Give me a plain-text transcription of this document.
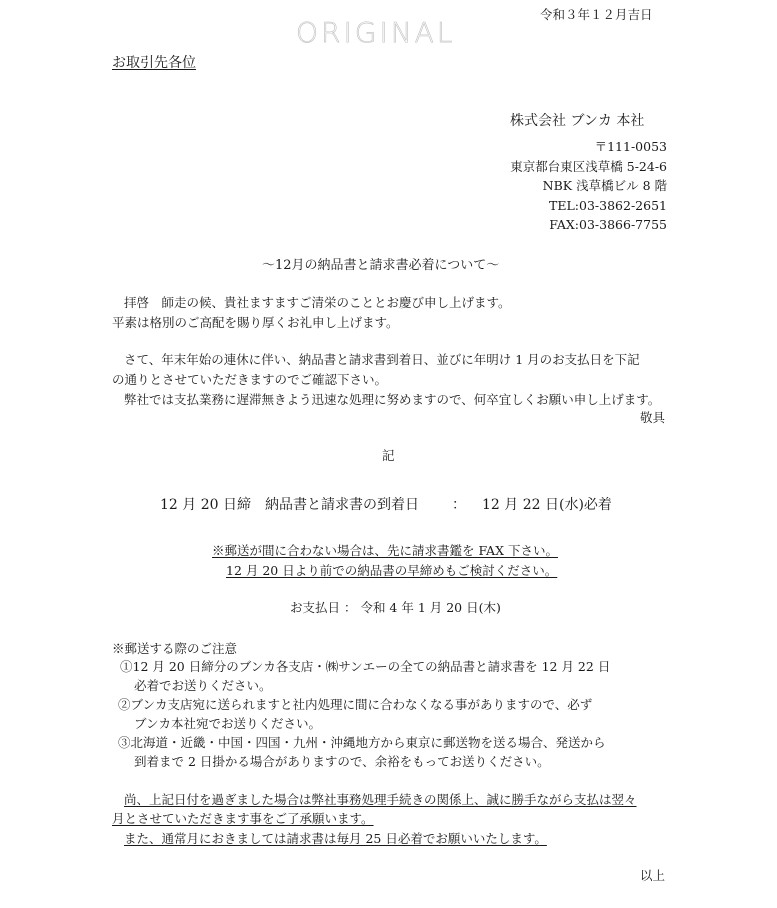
令和３年１２月吉日
ORIGINAL
お取引先各位
株式会社 ブンカ 本社
〒111-0053
東京都台東区浅草橋 5-24-6
NBK 浅草橋ビル 8 階
TEL:03-3862-2651
FAX:03-3866-7755
～12月の納品書と請求書必着について～
拝啓　師走の候、貴社ますますご清栄のこととお慶び申し上げます。
平素は格別のご高配を賜り厚くお礼申し上げます。
さて、年末年始の連休に伴い、納品書と請求書到着日、並びに年明け 1 月のお支払日を下記
の通りとさせていただきますのでご確認下さい。
弊社では支払業務に遅滞無きよう迅速な処理に努めますので、何卒宜しくお願い申し上げます。
敬具
記
12 月 20 日締　納品書と請求書の到着日 ： 12 月 22 日(水)必着
※郵送が間に合わない場合は、先に請求書鑑を FAX 下さい。
12 月 20 日より前での納品書の早締めもご検討ください。
お支払日 ： 令和 4 年 1 月 20 日(木)
※郵送する際のご注意
①12 月 20 日締分のブンカ各支店・㈱サンエーの全ての納品書と請求書を 12 月 22 日
必着でお送りください。
②ブンカ支店宛に送られますと社内処理に間に合わなくなる事がありますので、必ず
ブンカ本社宛でお送りください。
③北海道・近畿・中国・四国・九州・沖縄地方から東京に郵送物を送る場合、発送から
到着まで 2 日掛かる場合がありますので、余裕をもってお送りください。
尚、上記日付を過ぎました場合は弊社事務処理手続きの関係上、誠に勝手ながら支払は翌々
月とさせていただきます事をご了承願います。
また、通常月におきましては請求書は毎月 25 日必着でお願いいたします。
以上
